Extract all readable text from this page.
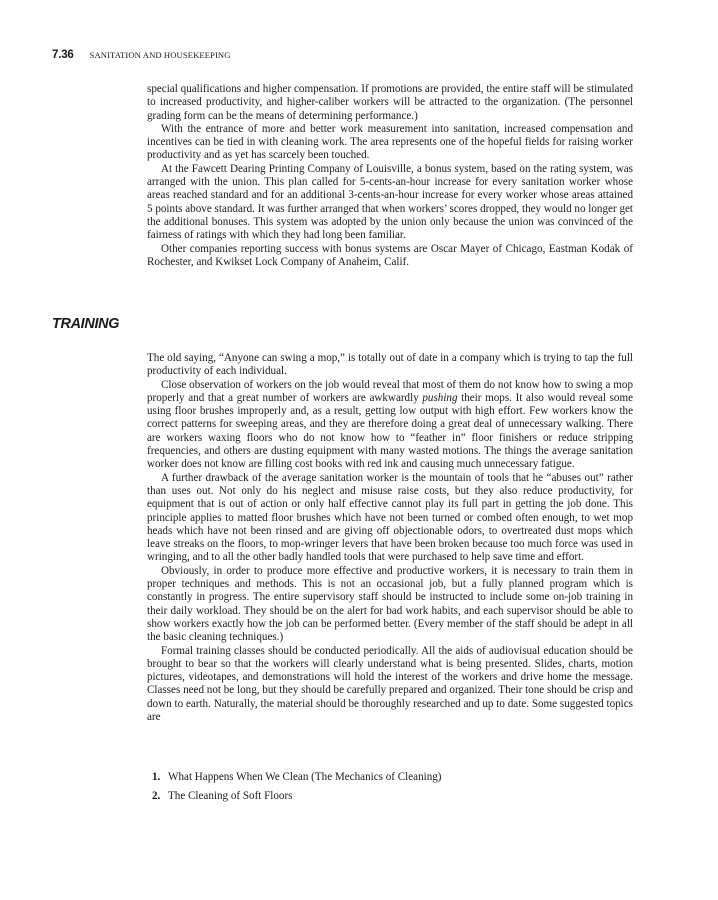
7.36 SANITATION AND HOUSEKEEPING

special qualifications and higher compensation. If promotions are provided, the entire staff will be stimulated to increased productivity, and higher-caliber workers will be attracted to the organization. (The personnel grading form can be the means of determining performance.)

With the entrance of more and better work measurement into sanitation, increased compensation and incentives can be tied in with cleaning work. The area represents one of the hopeful fields for raising worker productivity and as yet has scarcely been touched.

At the Fawcett Dearing Printing Company of Louisville, a bonus system, based on the rating system, was arranged with the union. This plan called for 5-cents-an-hour increase for every sanitation worker whose areas reached standard and for an additional 3-cents-an-hour increase for every worker whose areas attained 5 points above standard. It was further arranged that when workers’ scores dropped, they would no longer get the additional bonuses. This system was adopted by the union only because the union was convinced of the fairness of ratings with which they had long been familiar.

Other companies reporting success with bonus systems are Oscar Mayer of Chicago, Eastman Kodak of Rochester, and Kwikset Lock Company of Anaheim, Calif.

TRAINING

The old saying, “Anyone can swing a mop,” is totally out of date in a company which is trying to tap the full productivity of each individual.

Close observation of workers on the job would reveal that most of them do not know how to swing a mop properly and that a great number of workers are awkwardly pushing their mops. It also would reveal some using floor brushes improperly and, as a result, getting low output with high effort. Few workers know the correct patterns for sweeping areas, and they are therefore doing a great deal of unnecessary walking. There are workers waxing floors who do not know how to “feather in” floor finishers or reduce stripping frequencies, and others are dusting equipment with many wasted motions. The things the average sanitation worker does not know are filling cost books with red ink and causing much unnecessary fatigue.

A further drawback of the average sanitation worker is the mountain of tools that he “abuses out” rather than uses out. Not only do his neglect and misuse raise costs, but they also reduce productivity, for equipment that is out of action or only half effective cannot play its full part in getting the job done. This principle applies to matted floor brushes which have not been turned or combed often enough, to wet mop heads which have not been rinsed and are giving off objectionable odors, to overtreated dust mops which leave streaks on the floors, to mop-wringer levers that have been broken because too much force was used in wringing, and to all the other badly handled tools that were purchased to help save time and effort.

Obviously, in order to produce more effective and productive workers, it is necessary to train them in proper techniques and methods. This is not an occasional job, but a fully planned program which is constantly in progress. The entire supervisory staff should be instructed to include some on-job training in their daily workload. They should be on the alert for bad work habits, and each supervisor should be able to show workers exactly how the job can be performed better. (Every member of the staff should be adept in all the basic cleaning techniques.)

Formal training classes should be conducted periodically. All the aids of audiovisual education should be brought to bear so that the workers will clearly understand what is being presented. Slides, charts, motion pictures, videotapes, and demonstrations will hold the interest of the workers and drive home the message. Classes need not be long, but they should be carefully prepared and organized. Their tone should be crisp and down to earth. Naturally, the material should be thoroughly researched and up to date. Some suggested topics are

1. What Happens When We Clean (The Mechanics of Cleaning)
2. The Cleaning of Soft Floors
